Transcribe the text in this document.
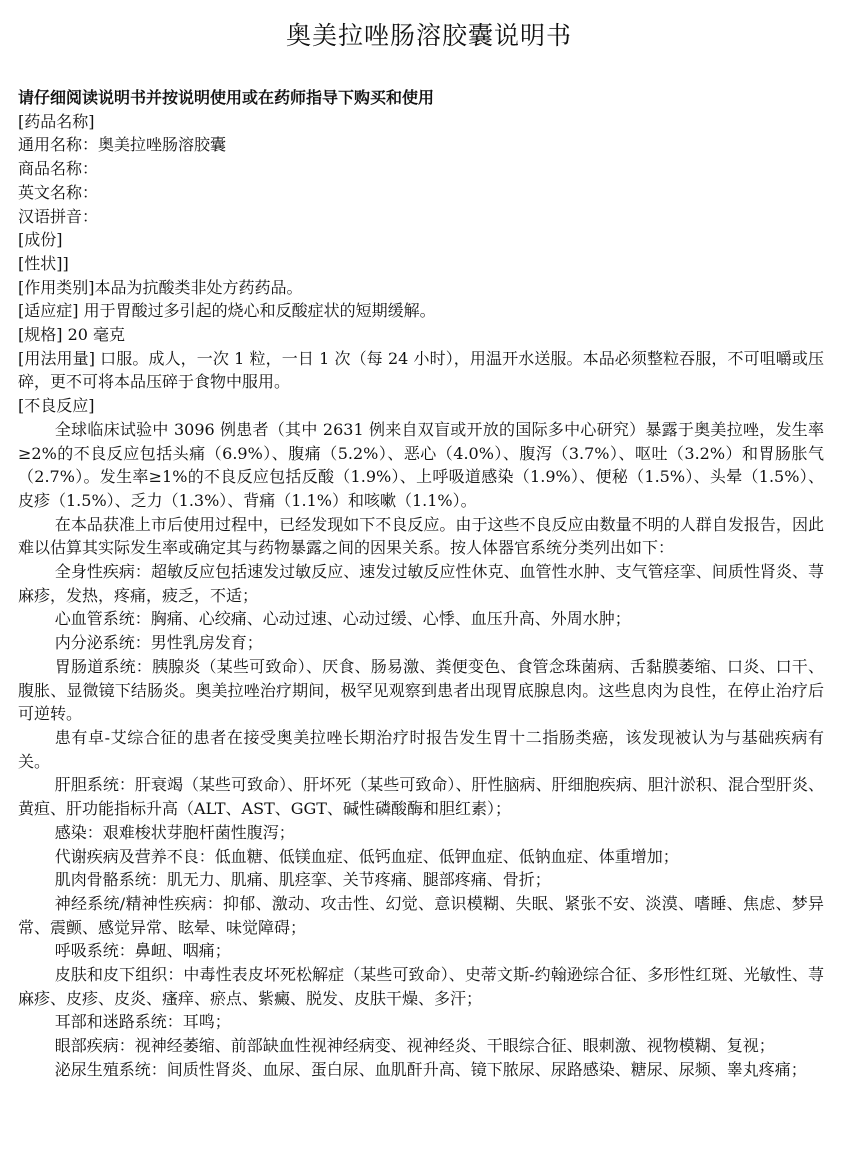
奥美拉唑肠溶胶囊说明书

请仔细阅读说明书并按说明使用或在药师指导下购买和使用

[药品名称]

通用名称：奥美拉唑肠溶胶囊

商品名称：

英文名称：

汉语拼音：

[成份]

[性状]]

[作用类别]本品为抗酸类非处方药药品。

[适应症] 用于胃酸过多引起的烧心和反酸症状的短期缓解。

[规格] 20 毫克

[用法用量] 口服。成人，一次 1 粒，一日 1 次（每 24 小时），用温开水送服。本品必须整粒吞服，不可咀嚼或压碎，更不可将本品压碎于食物中服用。

[不良反应]

全球临床试验中 3096 例患者（其中 2631 例来自双盲或开放的国际多中心研究）暴露于奥美拉唑，发生率≥2%的不良反应包括头痛（6.9%）、腹痛（5.2%）、恶心（4.0%）、腹泻（3.7%）、呕吐（3.2%）和胃肠胀气（2.7%）。发生率≥1%的不良反应包括反酸（1.9%）、上呼吸道感染（1.9%）、便秘（1.5%）、头晕（1.5%）、皮疹（1.5%）、乏力（1.3%）、背痛（1.1%）和咳嗽（1.1%）。

在本品获准上市后使用过程中，已经发现如下不良反应。由于这些不良反应由数量不明的人群自发报告，因此难以估算其实际发生率或确定其与药物暴露之间的因果关系。按人体器官系统分类列出如下：

全身性疾病：超敏反应包括速发过敏反应、速发过敏反应性休克、血管性水肿、支气管痉挛、间质性肾炎、荨麻疹，发热，疼痛，疲乏，不适；

心血管系统：胸痛、心绞痛、心动过速、心动过缓、心悸、血压升高、外周水肿；

内分泌系统：男性乳房发育；

胃肠道系统：胰腺炎（某些可致命）、厌食、肠易激、粪便变色、食管念珠菌病、舌黏膜萎缩、口炎、口干、腹胀、显微镜下结肠炎。奥美拉唑治疗期间，极罕见观察到患者出现胃底腺息肉。这些息肉为良性，在停止治疗后可逆转。

患有卓-艾综合征的患者在接受奥美拉唑长期治疗时报告发生胃十二指肠类癌，该发现被认为与基础疾病有关。

肝胆系统：肝衰竭（某些可致命）、肝坏死（某些可致命）、肝性脑病、肝细胞疾病、胆汁淤积、混合型肝炎、黄疸、肝功能指标升高（ALT、AST、GGT、碱性磷酸酶和胆红素）；

感染：艰难梭状芽胞杆菌性腹泻；

代谢疾病及营养不良：低血糖、低镁血症、低钙血症、低钾血症、低钠血症、体重增加；

肌肉骨骼系统：肌无力、肌痛、肌痉挛、关节疼痛、腿部疼痛、骨折；

神经系统/精神性疾病：抑郁、激动、攻击性、幻觉、意识模糊、失眠、紧张不安、淡漠、嗜睡、焦虑、梦异常、震颤、感觉异常、眩晕、味觉障碍；

呼吸系统：鼻衄、咽痛；

皮肤和皮下组织：中毒性表皮坏死松解症（某些可致命）、史蒂文斯-约翰逊综合征、多形性红斑、光敏性、荨麻疹、皮疹、皮炎、瘙痒、瘀点、紫癜、脱发、皮肤干燥、多汗；

耳部和迷路系统：耳鸣；

眼部疾病：视神经萎缩、前部缺血性视神经病变、视神经炎、干眼综合征、眼刺激、视物模糊、复视；

泌尿生殖系统：间质性肾炎、血尿、蛋白尿、血肌酐升高、镜下脓尿、尿路感染、糖尿、尿频、睾丸疼痛；
